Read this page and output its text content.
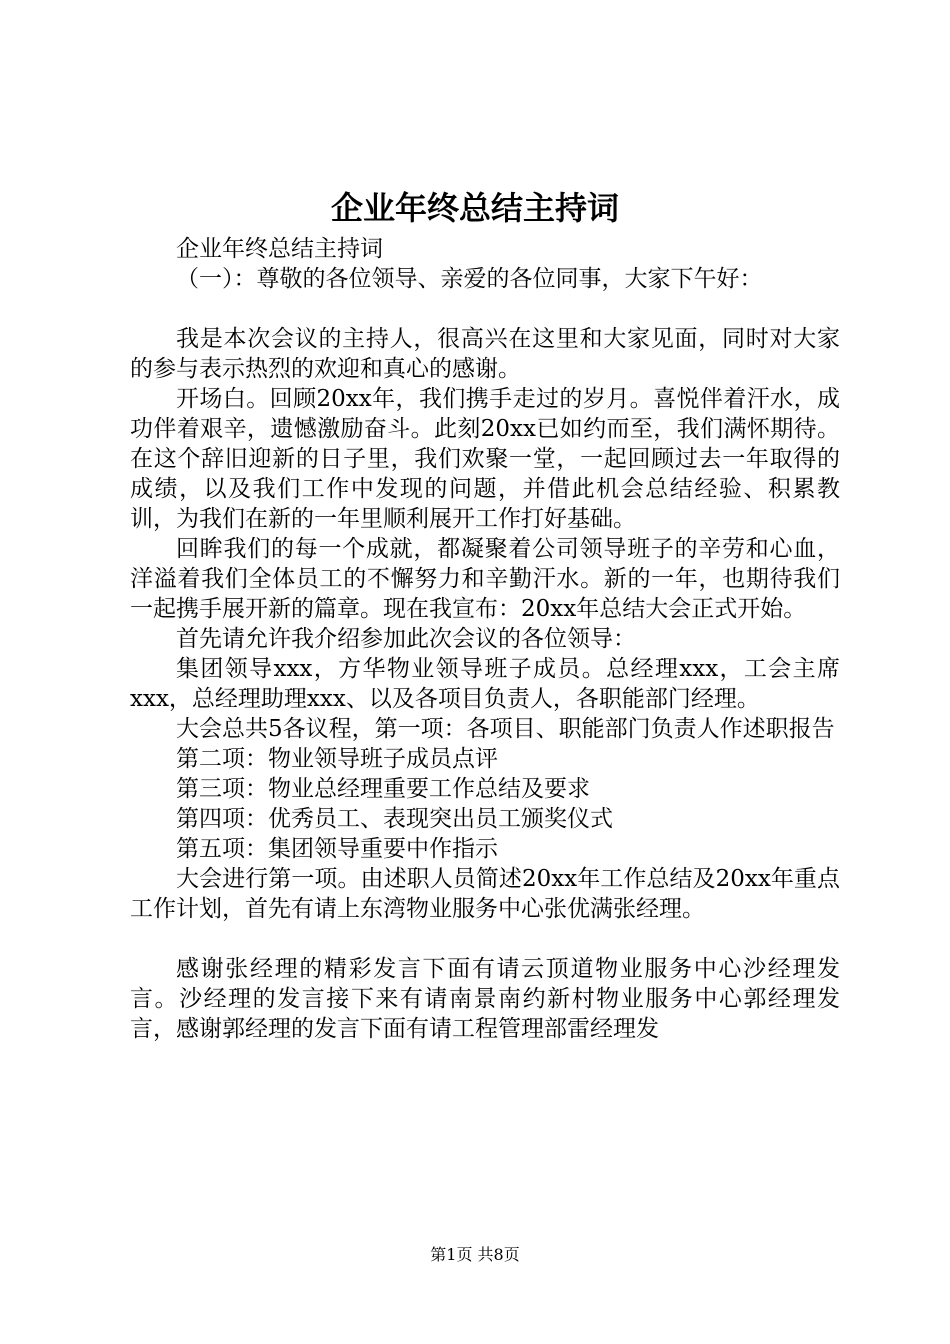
企业年终总结主持词

企业年终总结主持词

（一）：尊敬的各位领导、亲爱的各位同事，大家下午好：

我是本次会议的主持人，很高兴在这里和大家见面，同时对大家的参与表示热烈的欢迎和真心的感谢。

开场白。回顾20xx年，我们携手走过的岁月。喜悦伴着汗水，成功伴着艰辛，遗憾激励奋斗。此刻20xx已如约而至，我们满怀期待。在这个辞旧迎新的日子里，我们欢聚一堂，一起回顾过去一年取得的成绩，以及我们工作中发现的问题，并借此机会总结经验、积累教训，为我们在新的一年里顺利展开工作打好基础。

回眸我们的每一个成就，都凝聚着公司领导班子的辛劳和心血，洋溢着我们全体员工的不懈努力和辛勤汗水。新的一年，也期待我们一起携手展开新的篇章。现在我宣布：20xx年总结大会正式开始。

首先请允许我介绍参加此次会议的各位领导：

集团领导xxx，方华物业领导班子成员。总经理xxx，工会主席xxx，总经理助理xxx、以及各项目负责人，各职能部门经理。

大会总共5各议程，第一项：各项目、职能部门负责人作述职报告

第二项：物业领导班子成员点评

第三项：物业总经理重要工作总结及要求

第四项：优秀员工、表现突出员工颁奖仪式

第五项：集团领导重要中作指示

大会进行第一项。由述职人员简述20xx年工作总结及20xx年重点工作计划，首先有请上东湾物业服务中心张优满张经理。

感谢张经理的精彩发言下面有请云顶道物业服务中心沙经理发言。沙经理的发言接下来有请南景南约新村物业服务中心郭经理发言，感谢郭经理的发言下面有请工程管理部雷经理发

第1页 共8页
